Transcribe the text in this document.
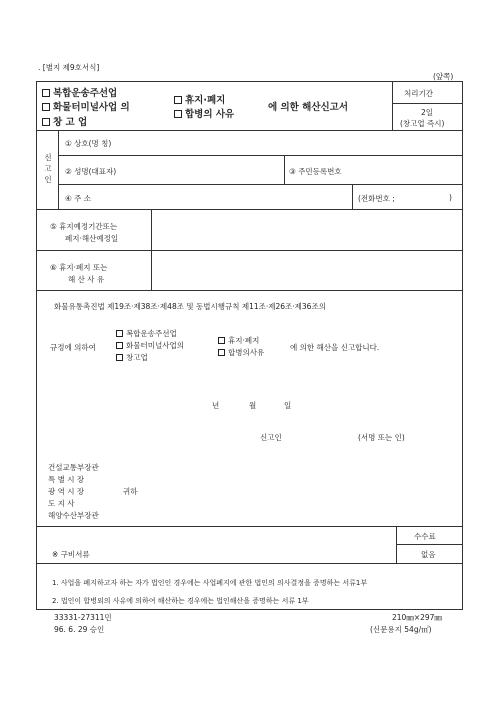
. [별지 제9호서식]
(앞쪽)
복합운송주선업
화물터미널사업 의
창 고 업
휴지·폐지
합병의 사유
에 의한 해산신고서
처리기간
2일
(창고업 즉시)
신고인
① 상호(명 칭)
② 성명(대표자)	③ 주민등록번호
④ 주 소	(전화번호 ;	)
⑤ 휴지예정기간또는
폐지·해산예정일
⑥ 휴지·폐지 또는
해 산 사 유
화물유통촉진법 제19조·제38조·제48조 및 동법시행규칙 제11조·제26조·제36조의
규정에 의하여
복합운송주선업
화물터미널사업의
창고업
휴지·폐지
합병의사유
에 의한 해산을 신고합니다.
년	월	일
신고인	(서명 또는 인)
건설교통부장관
특 별 시 장
광 역 시 장	귀하
도 지 사
해양수산부장관
수수료
없음
※ 구비서류
1. 사업을 폐지하고자 하는 자가 법인인 경우에는 사업폐지에 관한 법인의 의사결정을 증명하는 서류1부
2. 법인이 합병외의 사유에 의하여 해산하는 경우에는 법인해산을 증명하는 서류 1부
33331-27311민
96. 6. 29 승인
210㎜×297㎜
(신문용지 54g/㎡)
